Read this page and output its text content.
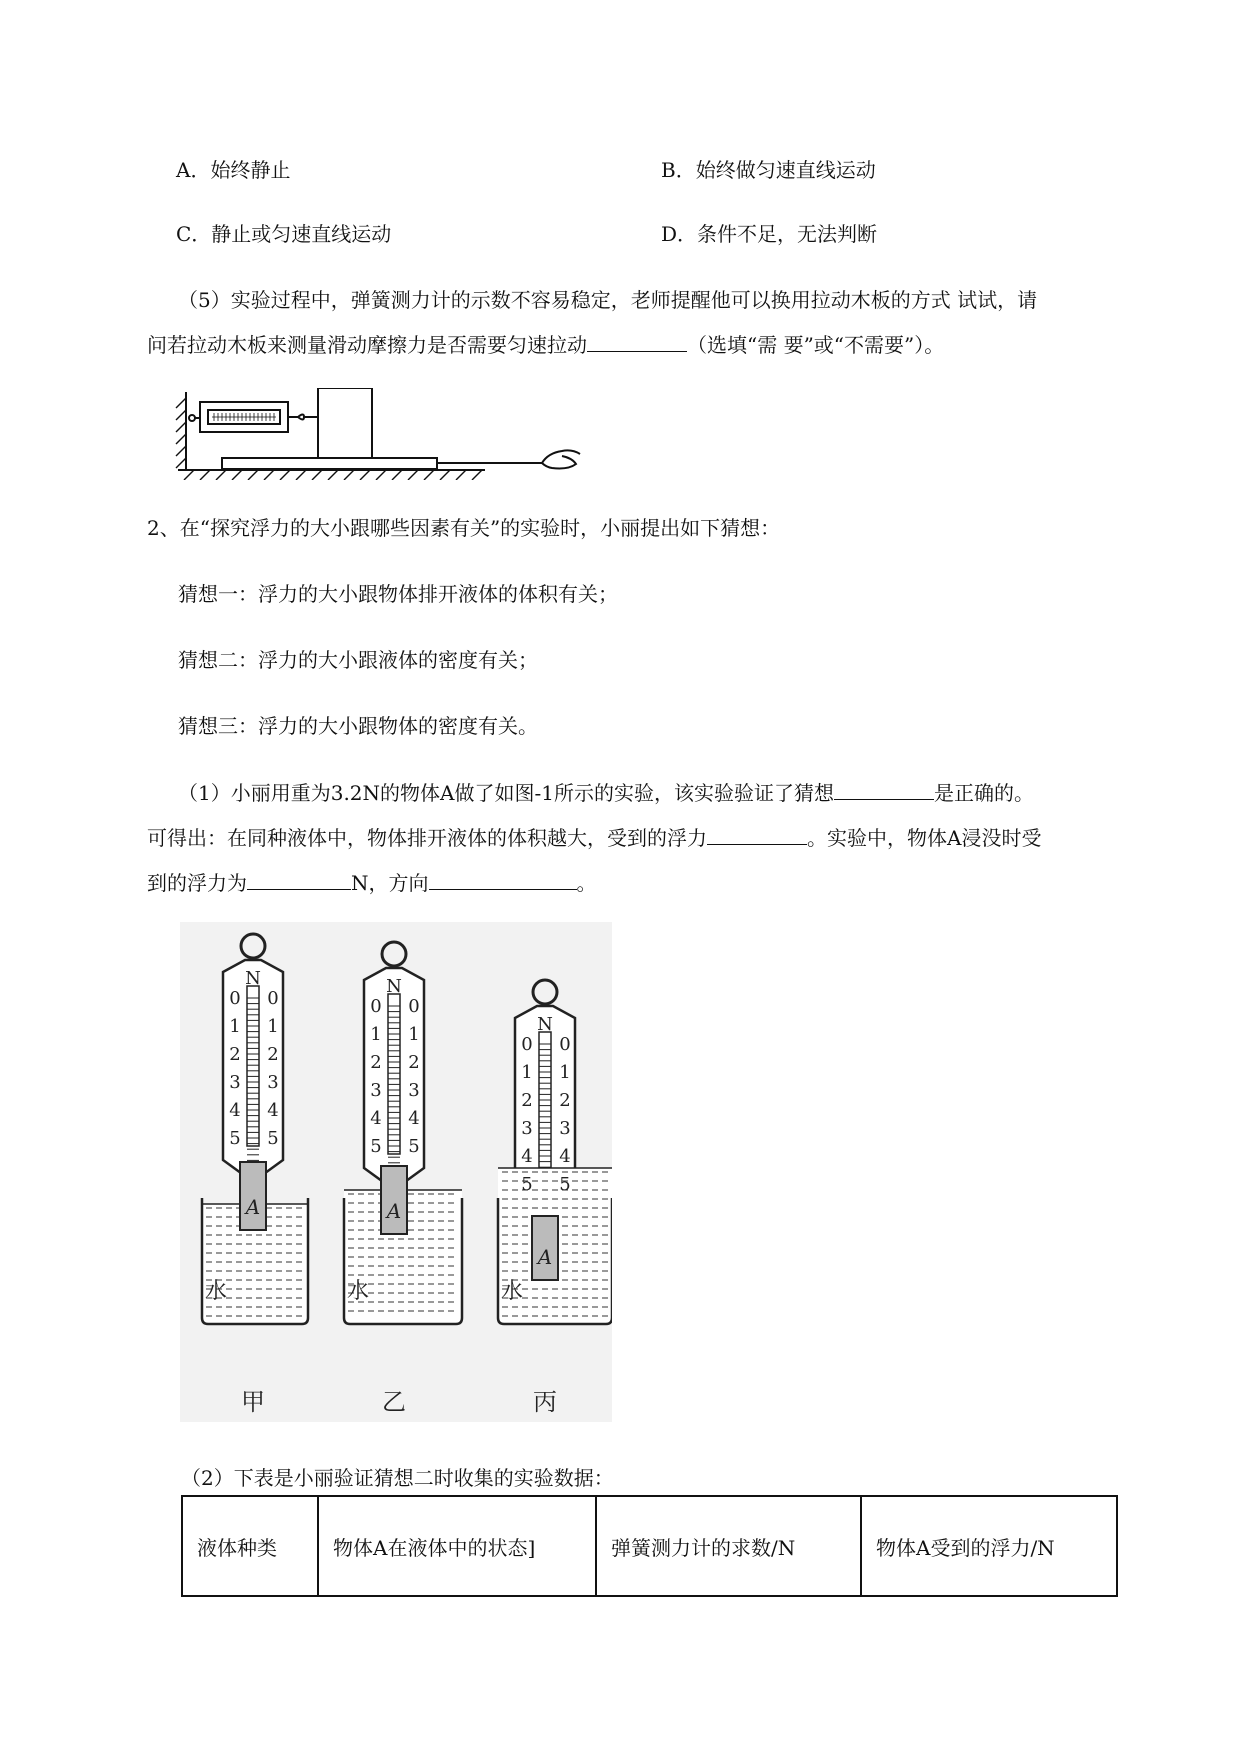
A．始终静止	B．始终做匀速直线运动
C．静止或匀速直线运动	D．条件不足，无法判断
（5）实验过程中，弹簧测力计的示数不容易稳定，老师提醒他可以换用拉动木板的方式 试试，请
问若拉动木板来测量滑动摩擦力是否需要匀速拉动	（选填“需 要”或“不需要”）。
2、在“探究浮力的大小跟哪些因素有关”的实验时，小丽提出如下猜想：
猜想一：浮力的大小跟物体排开液体的体积有关；
猜想二：浮力的大小跟液体的密度有关；
猜想三：浮力的大小跟物体的密度有关。
（1）小丽用重为3.2N的物体A做了如图-1所示的实验，该实验验证了猜想	是正确的。
可得出：在同种液体中，物体排开液体的体积越大，受到的浮力	。实验中，物体A浸没时受
到的浮力为	N，方向	。
N
0 0
1 1
2 2
3 3
4 4
5 5
A
水
甲
N
0 0
1 1
2 2
3 3
4 4
5 5
A
水
乙
N
0 0
1 1
2 2
3 3
4 4
5 5
A
水
丙
（2）下表是小丽验证猜想二时收集的实验数据：
液体种类	物体A在液体中的状态]	弹簧测力计的求数/N	物体A受到的浮力/N
